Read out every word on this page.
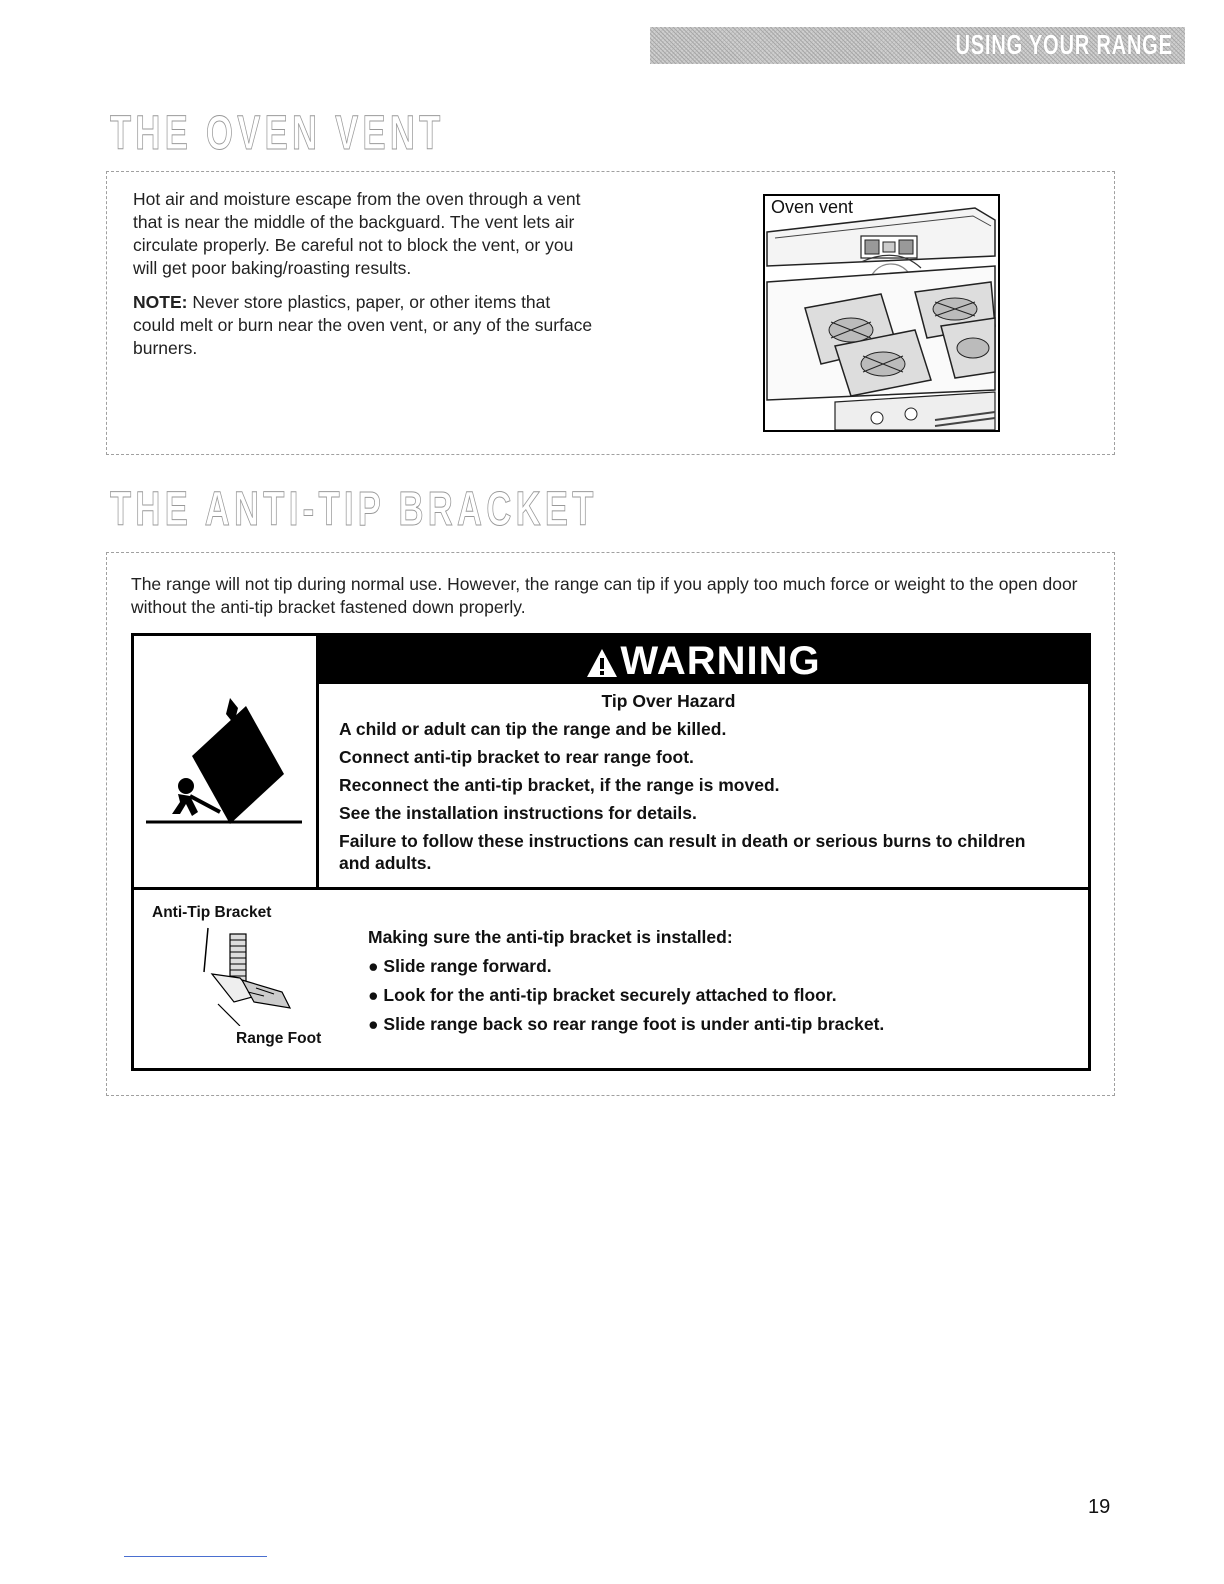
USING YOUR RANGE
THE OVEN VENT

Hot air and moisture escape from the oven through a vent that is near the middle of the backguard. The vent lets air circulate properly. Be careful not to block the vent, or you will get poor baking/roasting results.

NOTE: Never store plastics, paper, or other items that could melt or burn near the oven vent, or any of the surface burners.

Oven vent
THE ANTI-TIP BRACKET
The range will not tip during normal use. However, the range can tip if you apply too much force or weight to the open door without the anti-tip bracket fastened down properly.
WARNING

Tip Over Hazard

A child or adult can tip the range and be killed.

Connect anti-tip bracket to rear range foot.

Reconnect the anti-tip bracket, if the range is moved.

See the installation instructions for details.

Failure to follow these instructions can result in death or serious burns to children and adults.

Anti-Tip Bracket
Range Foot

Making sure the anti-tip bracket is installed:

● Slide range forward.

● Look for the anti-tip bracket securely attached to floor.

● Slide range back so rear range foot is under anti-tip bracket.

19
